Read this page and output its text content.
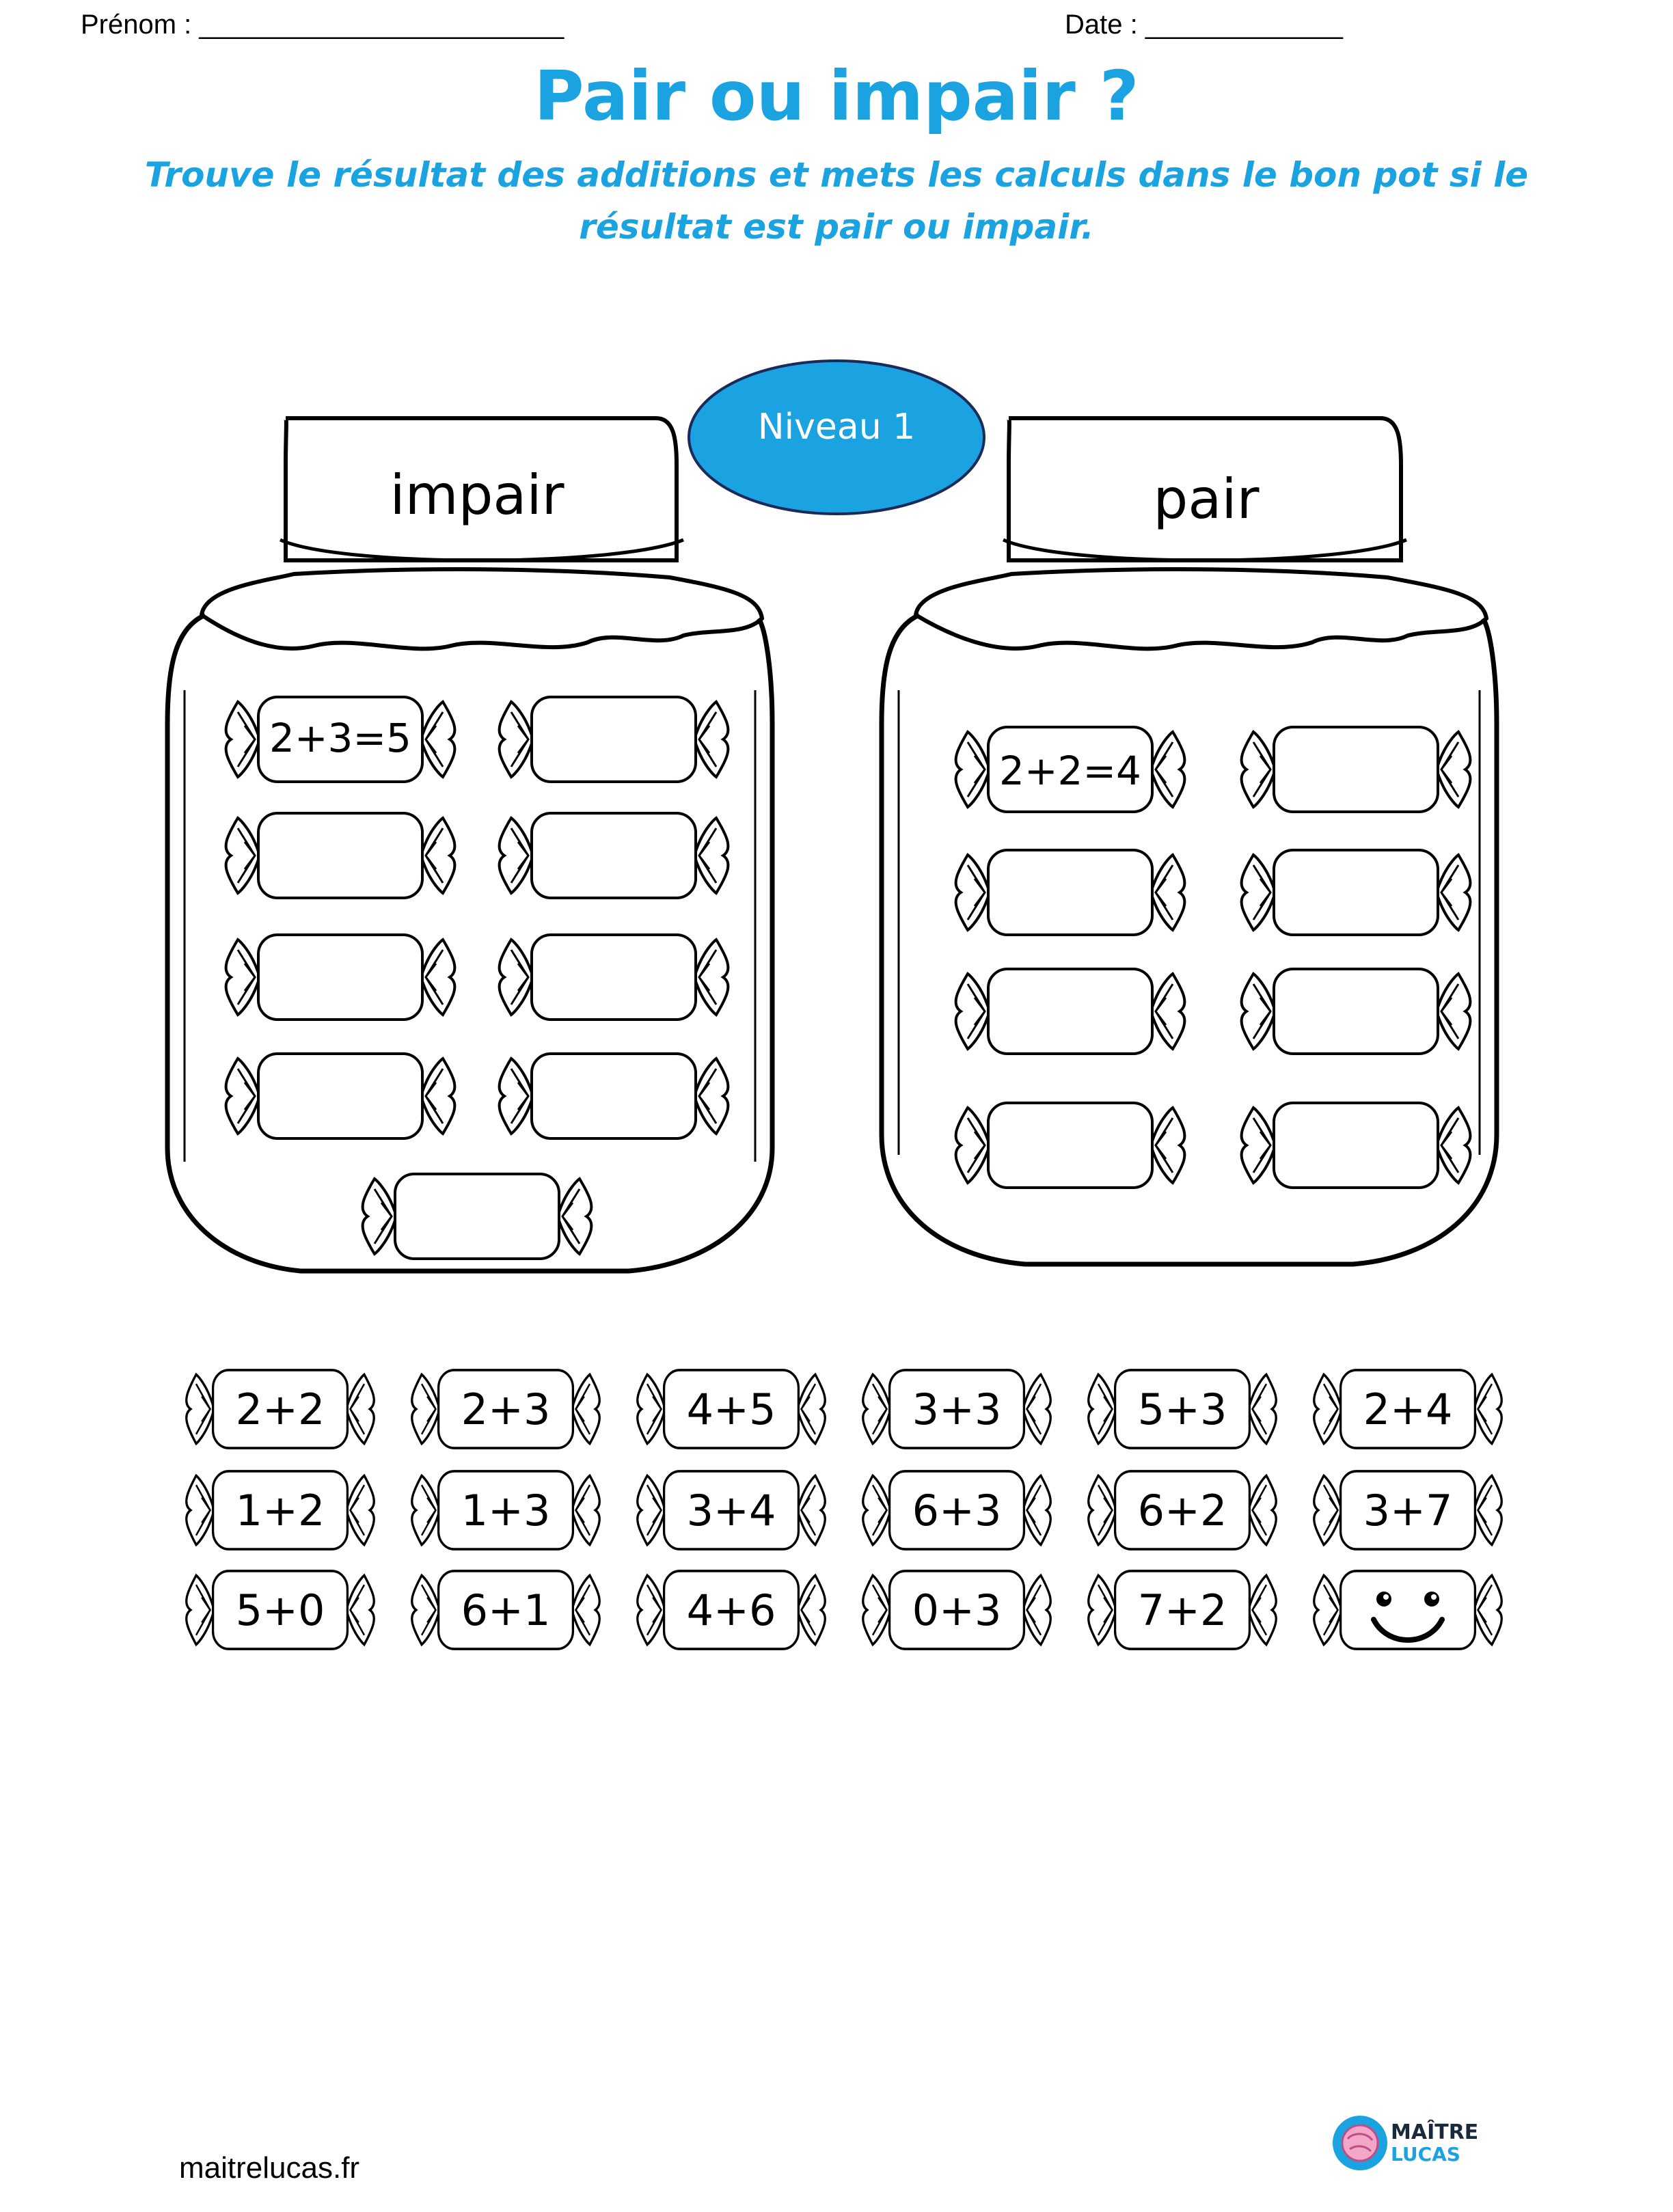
Prénom : ________________________	Date : _____________
Pair ou impair ?
Trouve le résultat des additions et mets les calculs dans le bon pot si le résultat est pair ou impair.
impair	pair
Niveau 1
2+3=5
2+2=4
2+2	2+3	4+5	3+3	5+3	2+4
1+2	1+3	3+4	6+3	6+2	3+7
5+0	6+1	4+6	0+3	7+2
MAÎTRE
LUCAS
maitrelucas.fr
